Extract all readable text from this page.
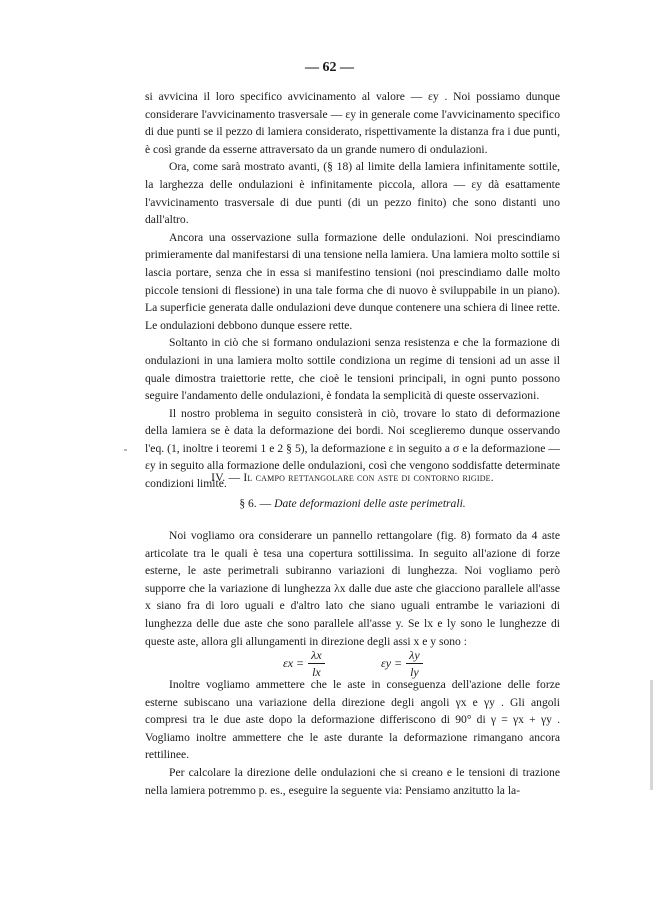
— 62 —

si avvicina il loro specifico avvicinamento al valore — εy . Noi possiamo dunque considerare l'avvicinamento trasversale — εy in generale come l'avvicinamento specifico di due punti se il pezzo di lamiera considerato, rispettivamente la distanza fra i due punti, è così grande da esserne attraversato da un grande numero di ondulazioni.

Ora, come sarà mostrato avanti, (§ 18) al limite della lamiera infinitamente sottile, la larghezza delle ondulazioni è infinitamente piccola, allora — εy dà esattamente l'avvicinamento trasversale di due punti (di un pezzo finito) che sono distanti uno dall'altro.

Ancora una osservazione sulla formazione delle ondulazioni. Noi prescindiamo primieramente dal manifestarsi di una tensione nella lamiera. Una lamiera molto sottile si lascia portare, senza che in essa si manifestino tensioni (noi prescindiamo dalle molto piccole tensioni di flessione) in una tale forma che di nuovo è sviluppabile in un piano). La superficie generata dalle ondulazioni deve dunque contenere una schiera di linee rette. Le ondulazioni debbono dunque essere rette.

Soltanto in ciò che si formano ondulazioni senza resistenza e che la formazione di ondulazioni in una lamiera molto sottile condiziona un regime di tensioni ad un asse il quale dimostra traiettorie rette, che cioè le tensioni principali, in ogni punto possono seguire l'andamento delle ondulazioni, è fondata la semplicità di queste osservazioni.

Il nostro problema in seguito consisterà in ciò, trovare lo stato di deformazione della lamiera se è data la deformazione dei bordi. Noi sceglieremo dunque osservando l'eq. (1, inoltre i teoremi 1 e 2 § 5), la deformazione ε in seguito a σ e la deformazione — εy in seguito alla formazione delle ondulazioni, così che vengono soddisfatte determinate condizioni limite.

IV. — Il campo rettangolare con aste di contorno rigide.
§ 6. — Date deformazioni delle aste perimetrali.

Noi vogliamo ora considerare un pannello rettangolare (fig. 8) formato da 4 aste articolate tra le quali è tesa una copertura sottilissima. In seguito all'azione di forze esterne, le aste perimetrali subiranno variazioni di lunghezza. Noi vogliamo però supporre che la variazione di lunghezza λx dalle due aste che giacciono parallele all'asse x siano fra di loro uguali e d'altro lato che siano uguali entrambe le variazioni di lunghezza delle due aste che sono parallele all'asse y. Se lx e ly sono le lunghezze di queste aste, allora gli allungamenti in direzione degli assi x e y sono :

$\varepsilon x = \frac{\lambda x}{lx}$	$\varepsilon y = \frac{\lambda y}{ly}$

Inoltre vogliamo ammettere che le aste in conseguenza dell'azione delle forze esterne subiscano una variazione della direzione degli angoli γx e γy . Gli angoli compresi tra le due aste dopo la deformazione differiscono di 90° di γ = γx + γy . Vogliamo inoltre ammettere che le aste durante la deformazione rimangano ancora rettilinee.

Per calcolare la direzione delle ondulazioni che si creano e le tensioni di trazione nella lamiera potremmo p. es., eseguire la seguente via: Pensiamo anzitutto la la-
